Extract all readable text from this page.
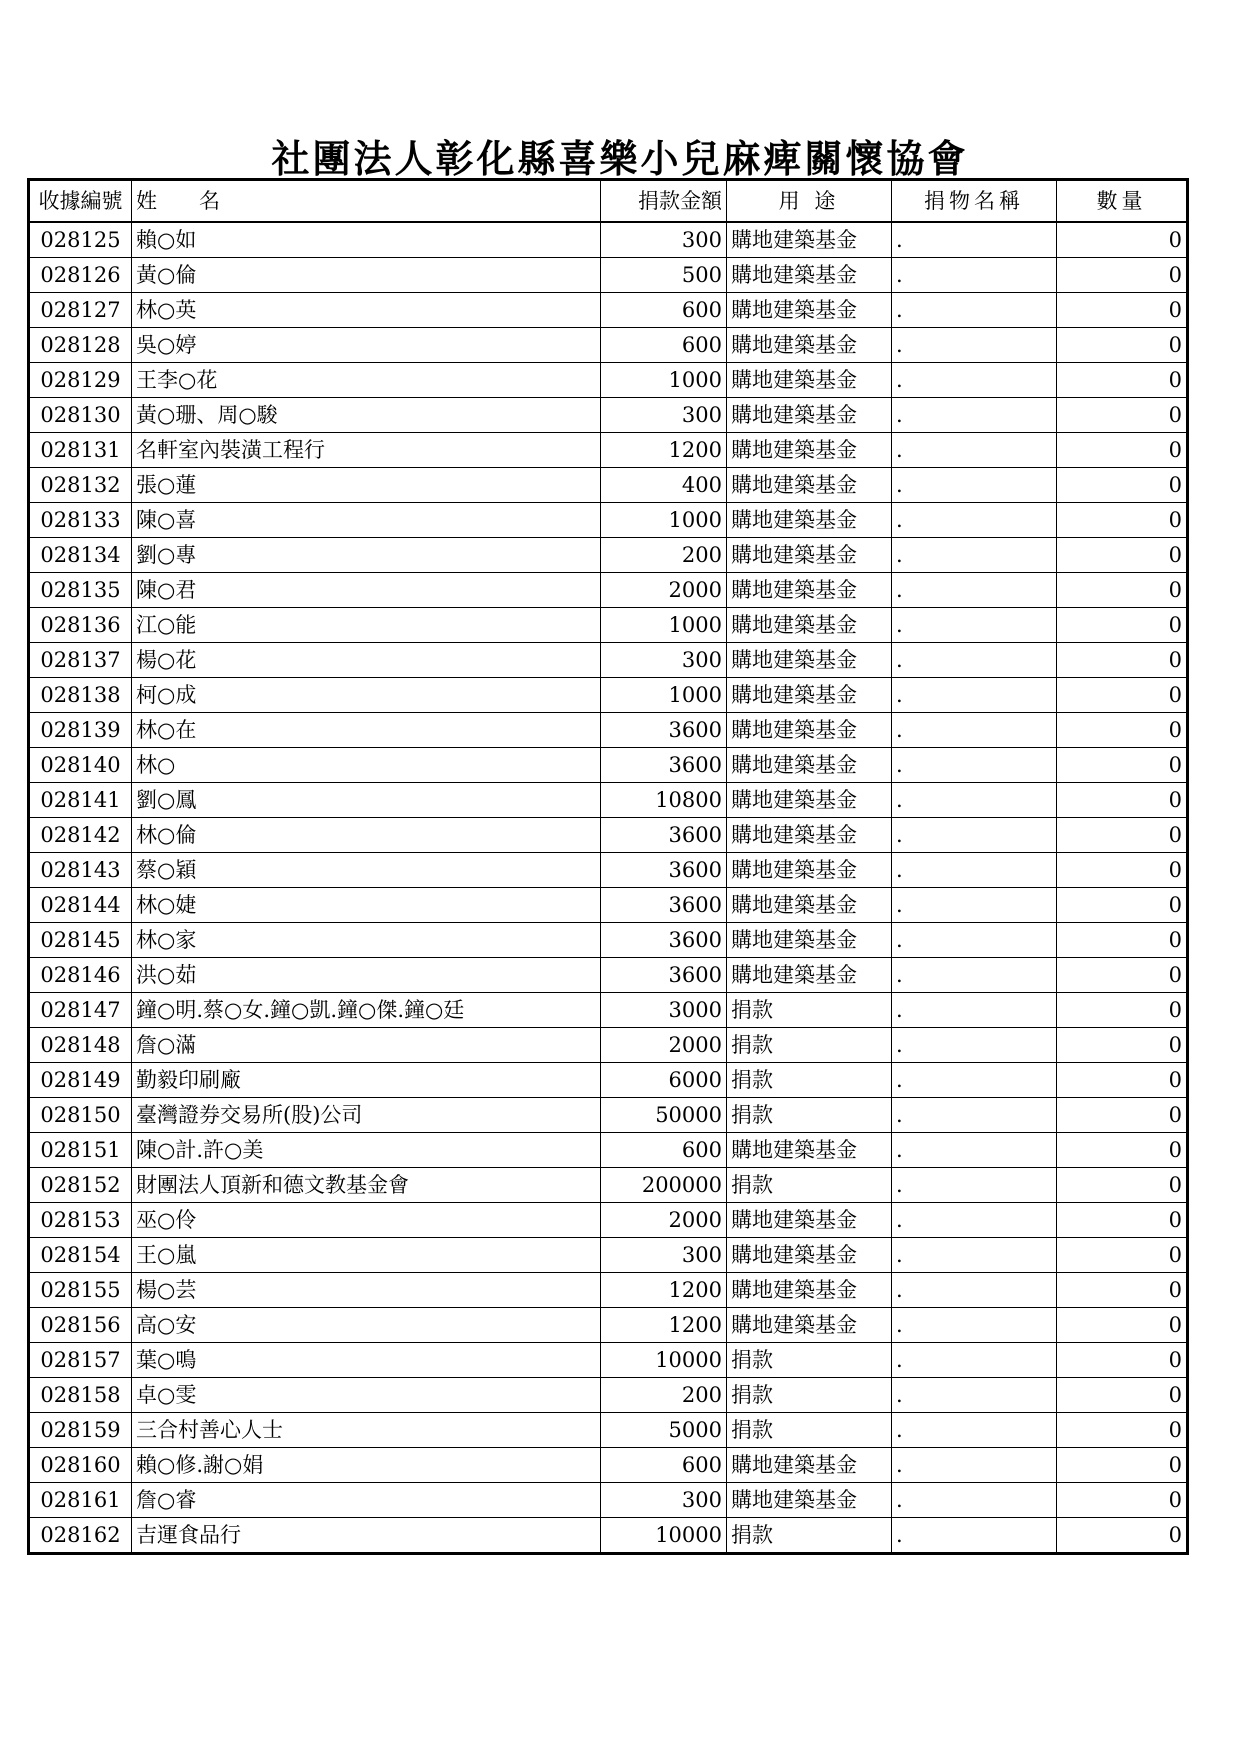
社團法人彰化縣喜樂小兒麻痺關懷協會
收據編號	姓　　名	捐款金額	用 途	捐物名稱	數量
028125	賴○如	300	購地建築基金	.	0
028126	黃○倫	500	購地建築基金	.	0
028127	林○英	600	購地建築基金	.	0
028128	吳○婷	600	購地建築基金	.	0
028129	王李○花	1000	購地建築基金	.	0
028130	黃○珊、周○駿	300	購地建築基金	.	0
028131	名軒室內裝潢工程行	1200	購地建築基金	.	0
028132	張○蓮	400	購地建築基金	.	0
028133	陳○喜	1000	購地建築基金	.	0
028134	劉○專	200	購地建築基金	.	0
028135	陳○君	2000	購地建築基金	.	0
028136	江○能	1000	購地建築基金	.	0
028137	楊○花	300	購地建築基金	.	0
028138	柯○成	1000	購地建築基金	.	0
028139	林○在	3600	購地建築基金	.	0
028140	林○	3600	購地建築基金	.	0
028141	劉○鳳	10800	購地建築基金	.	0
028142	林○倫	3600	購地建築基金	.	0
028143	蔡○穎	3600	購地建築基金	.	0
028144	林○婕	3600	購地建築基金	.	0
028145	林○家	3600	購地建築基金	.	0
028146	洪○茹	3600	購地建築基金	.	0
028147	鐘○明.蔡○女.鐘○凱.鐘○傑.鐘○廷	3000	捐款	.	0
028148	詹○滿	2000	捐款	.	0
028149	勤毅印刷廠	6000	捐款	.	0
028150	臺灣證券交易所(股)公司	50000	捐款	.	0
028151	陳○計.許○美	600	購地建築基金	.	0
028152	財團法人頂新和德文教基金會	200000	捐款	.	0
028153	巫○伶	2000	購地建築基金	.	0
028154	王○嵐	300	購地建築基金	.	0
028155	楊○芸	1200	購地建築基金	.	0
028156	高○安	1200	購地建築基金	.	0
028157	葉○鳴	10000	捐款	.	0
028158	卓○雯	200	捐款	.	0
028159	三合村善心人士	5000	捐款	.	0
028160	賴○修.謝○娟	600	購地建築基金	.	0
028161	詹○睿	300	購地建築基金	.	0
028162	吉運食品行	10000	捐款	.	0
